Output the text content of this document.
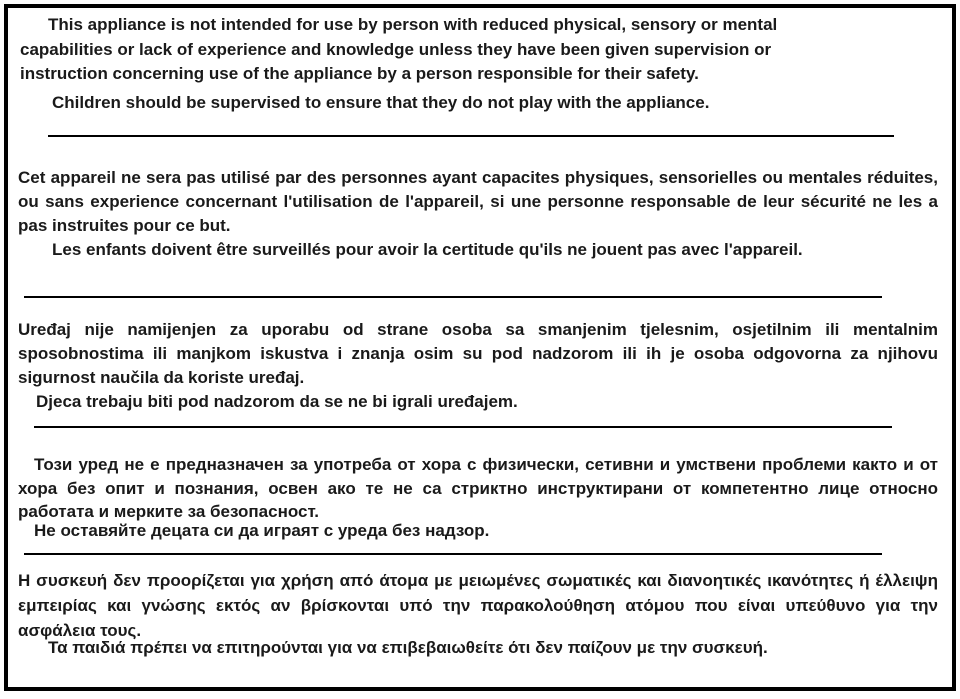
This appliance is not intended for use by person with reduced physical, sensory or mental
capabilities or lack of experience and knowledge unless they have been given supervision or
instruction concerning use of the appliance by a person responsible for their safety.

Children should be supervised to ensure that they do not play with the appliance.

Cet appareil ne sera pas utilisé par des personnes ayant capacites physiques, sensorielles ou mentales réduites, ou sans experience concernant l'utilisation de l'appareil, si une personne responsable de leur sécurité ne les a pas instruites pour ce but.

Les enfants doivent être surveillés pour avoir la certitude qu'ils ne jouent pas avec l'appareil.

Uređaj nije namijenjen za uporabu od strane osoba sa smanjenim tjelesnim, osjetilnim ili mentalnim sposobnostima ili manjkom iskustva i znanja osim su pod nadzorom ili ih je osoba odgovorna za njihovu sigurnost naučila da koriste uređaj.

Djeca trebaju biti pod nadzorom da se ne bi igrali uređajem.

Този уред не е предназначен за употреба от хора с физически, сетивни и умствени проблеми както и от хора без опит и познания, освен ако те не са стриктно инструктирани от компетентно лице относно работата и мерките за безопасност.

Не оставяйте децата си да играят с уреда без надзор.

Η συσκευή δεν προορίζεται για χρήση από άτομα με μειωμένες σωματικές και διανοητικές ικανότητες ή έλλειψη εμπειρίας και γνώσης εκτός αν βρίσκονται υπό την παρακολούθηση ατόμου που είναι υπεύθυνο για την ασφάλεια τους.

Τα παιδιά πρέπει να επιτηρούνται για να επιβεβαιωθείτε ότι δεν παίζουν με την συσκευή.
